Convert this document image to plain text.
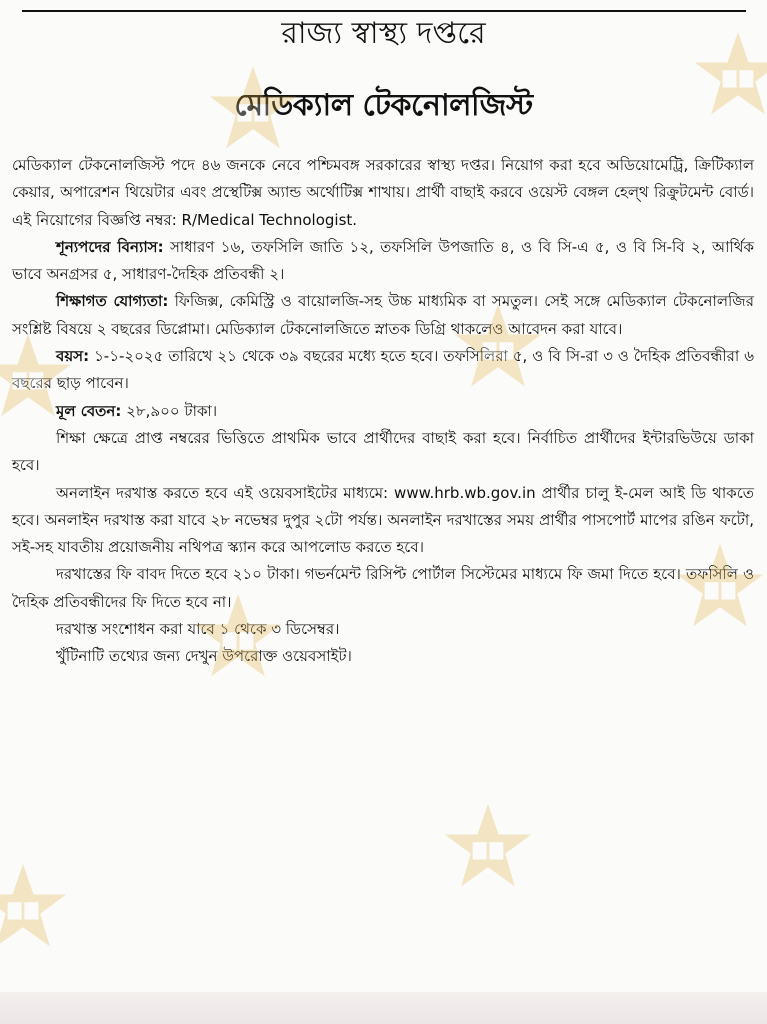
রাজ্য স্বাস্থ্য দপ্তরে
মেডিক্যাল টেকনোলজিস্ট

মেডিক্যাল টেকনোলজিস্ট পদে ৪৬ জনকে নেবে পশ্চিমবঙ্গ সরকারের স্বাস্থ্য দপ্তর। নিয়োগ করা হবে অডিয়োমেট্রি, ক্রিটিক্যাল কেয়ার, অপারেশন থিয়েটার এবং প্রস্থেটিক্স অ্যান্ড অর্থোটিক্স শাখায়। প্রার্থী বাছাই করবে ওয়েস্ট বেঙ্গল হেল্থ রিক্রুটমেন্ট বোর্ড। এই নিয়োগের বিজ্ঞপ্তি নম্বর: R/Medical Technologist.

শূন্যপদের বিন্যাস: সাধারণ ১৬, তফসিলি জাতি ১২, তফসিলি উপজাতি ৪, ও বি সি-এ ৫, ও বি সি-বি ২, আর্থিক ভাবে অনগ্রসর ৫, সাধারণ-দৈহিক প্রতিবন্ধী ২।

শিক্ষাগত যোগ্যতা: ফিজিক্স, কেমিস্ট্রি ও বায়োলজি-সহ উচ্চ মাধ্যমিক বা সমতুল। সেই সঙ্গে মেডিক্যাল টেকনোলজির সংশ্লিষ্ট বিষয়ে ২ বছরের ডিপ্লোমা। মেডিক্যাল টেকনোলজিতে স্নাতক ডিগ্রি থাকলেও আবেদন করা যাবে।

বয়স: ১-১-২০২৫ তারিখে ২১ থেকে ৩৯ বছরের মধ্যে হতে হবে। তফসিলিরা ৫, ও বি সি-রা ৩ ও দৈহিক প্রতিবন্ধীরা ৬ বছরের ছাড় পাবেন।

মূল বেতন: ২৮,৯০০ টাকা।

শিক্ষা ক্ষেত্রে প্রাপ্ত নম্বরের ভিত্তিতে প্রাথমিক ভাবে প্রার্থীদের বাছাই করা হবে। নির্বাচিত প্রার্থীদের ইন্টারভিউয়ে ডাকা হবে।

অনলাইন দরখাস্ত করতে হবে এই ওয়েবসাইটের মাধ্যমে: www.hrb.wb.gov.in প্রার্থীর চালু ই-মেল আই ডি থাকতে হবে। অনলাইন দরখাস্ত করা যাবে ২৮ নভেম্বর দুপুর ২টো পর্যন্ত। অনলাইন দরখাস্তের সময় প্রার্থীর পাসপোর্ট মাপের রঙিন ফটো, সই-সহ যাবতীয় প্রয়োজনীয় নথিপত্র স্ক্যান করে আপলোড করতে হবে।

দরখাস্তের ফি বাবদ দিতে হবে ২১০ টাকা। গভর্নমেন্ট রিসিপ্ট পোর্টাল সিস্টেমের মাধ্যমে ফি জমা দিতে হবে। তফসিলি ও দৈহিক প্রতিবন্ধীদের ফি দিতে হবে না।

দরখাস্ত সংশোধন করা যাবে ১ থেকে ৩ ডিসেম্বর।

খুঁটিনাটি তথ্যের জন্য দেখুন উপরোক্ত ওয়েবসাইট।
